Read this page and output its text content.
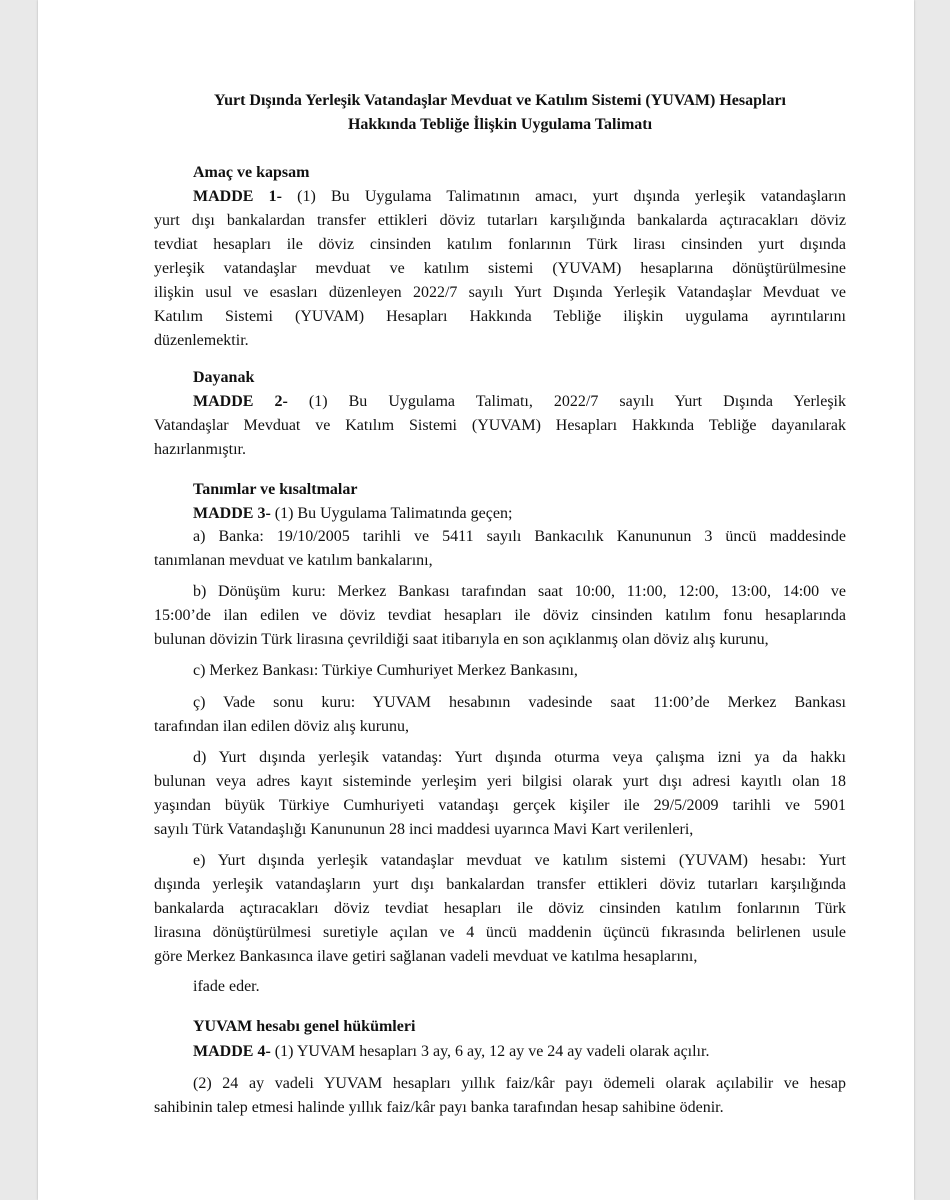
Yurt Dışında Yerleşik Vatandaşlar Mevduat ve Katılım Sistemi (YUVAM) Hesapları
Hakkında Tebliğe İlişkin Uygulama Talimatı
Amaç ve kapsam
MADDE 1- (1) Bu Uygulama Talimatının amacı, yurt dışında yerleşik vatandaşların
yurt dışı bankalardan transfer ettikleri döviz tutarları karşılığında bankalarda açtıracakları döviz
tevdiat hesapları ile döviz cinsinden katılım fonlarının Türk lirası cinsinden yurt dışında
yerleşik vatandaşlar mevduat ve katılım sistemi (YUVAM) hesaplarına dönüştürülmesine
ilişkin usul ve esasları düzenleyen 2022/7 sayılı Yurt Dışında Yerleşik Vatandaşlar Mevduat ve
Katılım Sistemi (YUVAM) Hesapları Hakkında Tebliğe ilişkin uygulama ayrıntılarını
düzenlemektir.
Dayanak
MADDE 2- (1) Bu Uygulama Talimatı, 2022/7 sayılı Yurt Dışında Yerleşik
Vatandaşlar Mevduat ve Katılım Sistemi (YUVAM) Hesapları Hakkında Tebliğe dayanılarak
hazırlanmıştır.
Tanımlar ve kısaltmalar
MADDE 3- (1) Bu Uygulama Talimatında geçen;
a) Banka: 19/10/2005 tarihli ve 5411 sayılı Bankacılık Kanununun 3 üncü maddesinde
tanımlanan mevduat ve katılım bankalarını,
b) Dönüşüm kuru: Merkez Bankası tarafından saat 10:00, 11:00, 12:00, 13:00, 14:00 ve
15:00’de ilan edilen ve döviz tevdiat hesapları ile döviz cinsinden katılım fonu hesaplarında
bulunan dövizin Türk lirasına çevrildiği saat itibarıyla en son açıklanmış olan döviz alış kurunu,
c) Merkez Bankası: Türkiye Cumhuriyet Merkez Bankasını,
ç) Vade sonu kuru: YUVAM hesabının vadesinde saat 11:00’de Merkez Bankası
tarafından ilan edilen döviz alış kurunu,
d) Yurt dışında yerleşik vatandaş: Yurt dışında oturma veya çalışma izni ya da hakkı
bulunan veya adres kayıt sisteminde yerleşim yeri bilgisi olarak yurt dışı adresi kayıtlı olan 18
yaşından büyük Türkiye Cumhuriyeti vatandaşı gerçek kişiler ile 29/5/2009 tarihli ve 5901
sayılı Türk Vatandaşlığı Kanununun 28 inci maddesi uyarınca Mavi Kart verilenleri,
e) Yurt dışında yerleşik vatandaşlar mevduat ve katılım sistemi (YUVAM) hesabı: Yurt
dışında yerleşik vatandaşların yurt dışı bankalardan transfer ettikleri döviz tutarları karşılığında
bankalarda açtıracakları döviz tevdiat hesapları ile döviz cinsinden katılım fonlarının Türk
lirasına dönüştürülmesi suretiyle açılan ve 4 üncü maddenin üçüncü fıkrasında belirlenen usule
göre Merkez Bankasınca ilave getiri sağlanan vadeli mevduat ve katılma hesaplarını,
ifade eder.
YUVAM hesabı genel hükümleri
MADDE 4- (1) YUVAM hesapları 3 ay, 6 ay, 12 ay ve 24 ay vadeli olarak açılır.
(2) 24 ay vadeli YUVAM hesapları yıllık faiz/kâr payı ödemeli olarak açılabilir ve hesap
sahibinin talep etmesi halinde yıllık faiz/kâr payı banka tarafından hesap sahibine ödenir.
